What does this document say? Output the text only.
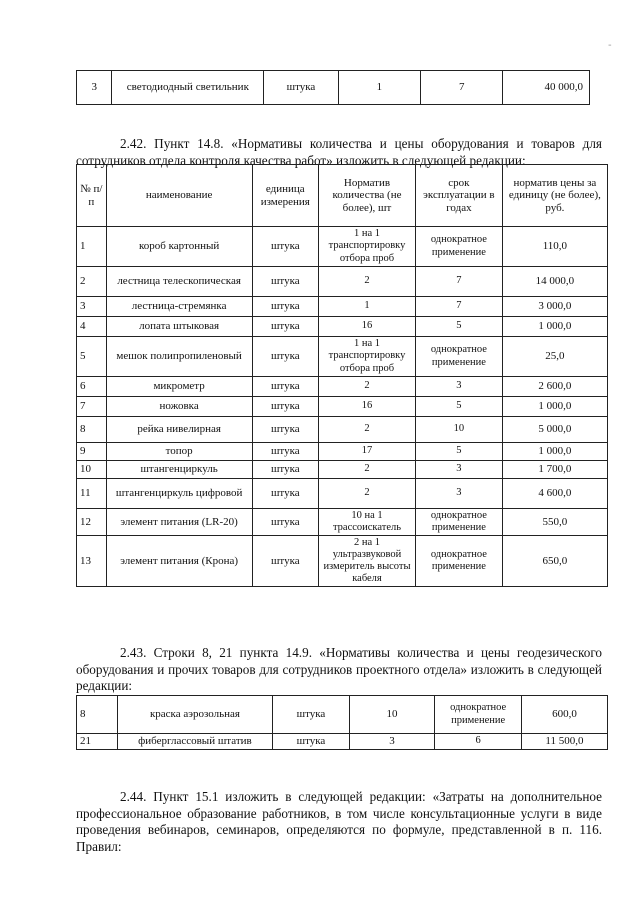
-
3	светодиодный светильник	штука	1	7	40 000,0

2.42. Пункт 14.8. «Нормативы количества и цены оборудования и товаров для сотрудников отдела контроля качества работ» изложить в следующей редакции:

№ п/п	наименование	единица измерения	Норматив количества (не более), шт	срок эксплуатации в годах	норматив цены за единицу (не более), руб.
1	короб картонный	штука	1 на 1 транспортировку отбора проб	однократное применение	110,0
2	лестница телескопическая	штука	2	7	14 000,0
3	лестница-стремянка	штука	1	7	3 000,0
4	лопата штыковая	штука	16	5	1 000,0
5	мешок полипропиленовый	штука	1 на 1 транспортировку отбора проб	однократное применение	25,0
6	микрометр	штука	2	3	2 600,0
7	ножовка	штука	16	5	1 000,0
8	рейка нивелирная	штука	2	10	5 000,0
9	топор	штука	17	5	1 000,0
10	штангенциркуль	штука	2	3	1 700,0
11	штангенциркуль цифровой	штука	2	3	4 600,0
12	элемент питания (LR-20)	штука	10 на 1 трассоискатель	однократное применение	550,0
13	элемент питания (Крона)	штука	2 на 1 ультразвуковой измеритель высоты кабеля	однократное применение	650,0

2.43. Строки 8, 21 пункта 14.9. «Нормативы количества и цены геодезического оборудования и прочих товаров для сотрудников проектного отдела» изложить в следующей редакции:

8	краска аэрозольная	штука	10	однократное применение	600,0
21	фиберглассовый штатив	штука	3	6	11 500,0

2.44. Пункт 15.1 изложить в следующей редакции: «Затраты на дополнительное профессиональное образование работников, в том числе консультационные услуги в виде проведения вебинаров, семинаров, определяются по формуле, представленной в п. 116. Правил:
